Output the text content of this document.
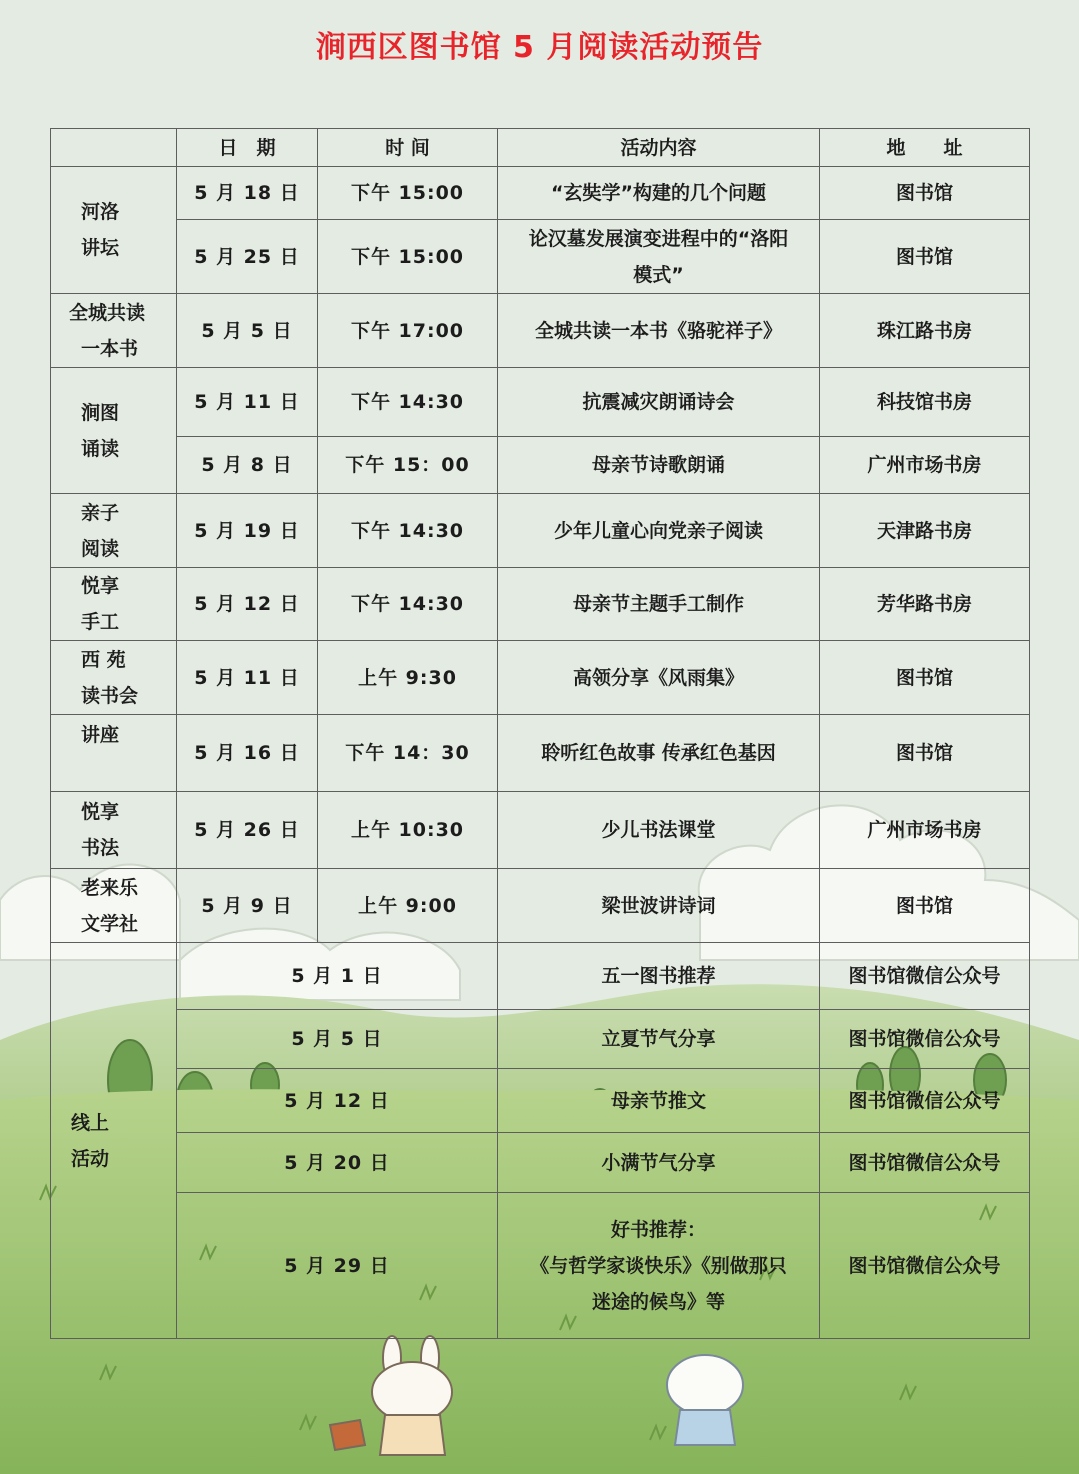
涧西区图书馆 5 月阅读活动预告
	日　期	时 间	活动内容	地　　址

河洛
讲坛	5 月 18 日	下午 15:00	“玄奘学”构建的几个问题	图书馆
	5 月 25 日	下午 15:00	论汉墓发展演变进程中的“洛阳
模式”	图书馆

全城共读
一本书	5 月 5 日	下午 17:00	全城共读一本书《骆驼祥子》	珠江路书房

涧图
诵读	5 月 11 日	下午 14:30	抗震减灾朗诵诗会	科技馆书房
	5 月 8 日	下午 15：00	母亲节诗歌朗诵	广州市场书房

亲子
阅读	5 月 19 日	下午 14:30	少年儿童心向党亲子阅读	天津路书房

悦享
手工	5 月 12 日	下午 14:30	母亲节主题手工制作	芳华路书房

西 苑
读书会	5 月 11 日	上午 9:30	高领分享《风雨集》	图书馆

讲座	5 月 16 日	下午 14：30	聆听红色故事 传承红色基因	图书馆

悦享
书法	5 月 26 日	上午 10:30	少儿书法课堂	广州市场书房

老来乐
文学社	5 月 9 日	上午 9:00	梁世波讲诗词	图书馆

线上
活动	5 月 1 日		五一图书推荐	图书馆微信公众号
	5 月 5 日		立夏节气分享	图书馆微信公众号
	5 月 12 日		母亲节推文	图书馆微信公众号
	5 月 20 日		小满节气分享	图书馆微信公众号
	5 月 29 日		好书推荐：
《与哲学家谈快乐》《别做那只
迷途的候鸟》等	图书馆微信公众号
